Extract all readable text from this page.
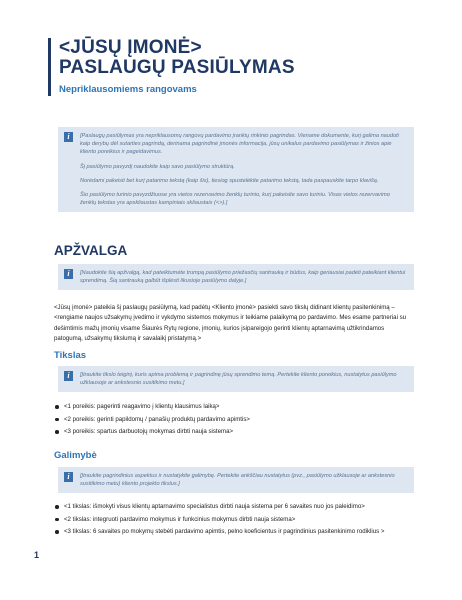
<JŪSŲ ĮMONĖ>
PASLAUGŲ PASIŪLYMAS
Nepriklausomiems rangovams
i	[Paslaugų pasiūlymas yra nepriklausomų rangovų pardavimo įrankių rinkinio pagrindas. Viename dokumente, kurį galima naudoti kaip derybų dėl sutarties pagrindą, derinama pagrindinė įmonės informacija, jūsų unikalus pardavimo pasiūlymas ir žinios apie kliento poreikius ir pageidavimus.

Šį pasiūlymo pavyzdį naudokite kaip savo pasiūlymo struktūrą.

Norėdami pakeisti bet kurį patarimo tekstą (kaip šis), tiesiog spustelėkite patarimo tekstą, tada paspauskite tarpo klavišą.

Šio pasiūlymo turinio pavyzdžiuose yra vietos rezervavimo ženklų turinio, kurį pakeisite savo turiniu. Visas vietos rezervavimo ženklų tekstas yra apskliaustas kampiniais skliaustais (<>).]

APŽVALGA
i	[Naudokite šią apžvalgą, kad pateiktumėte trumpą pasiūlymo priežasčių santrauką ir būdus, kaip geriausiai padėti pateikiant klientui sprendimą. Šią santrauką galbūt išplėsti likusioje pasiūlymo dalyje.]

<Jūsų įmonė> pateikia šį paslaugų pasiūlymą, kad padėtų <Kliento įmonė> pasiekti savo tikslų didinant klientų pasitenkinimą – <rengiame naujos užsakymų įvedimo ir vykdymo sistemos mokymus ir teikiame palaikymą po pardavimo. Mes esame partneriai su dešimtimis mažų įmonių visame Šiaurės Rytų regione, įmonių, kurios įsipareigojo gerinti klientų aptarnavimą užtikrindamos patogumą, užsakymų tikslumą ir savalaikį pristatymą.>
Tikslas
i	[Įtraukite tikslo teiginį, kuris apima problemą ir pagrindinę jūsų sprendimo temą. Pertekite kliento poreikius, nustatytus pasiūlymo užklausoje ar ankstesnio susitikimo metu.]

<1 poreikis: pagerinti reagavimo į klientų klausimus laiką>
<2 poreikis: gerinti papildomų / panašių produktų pardavimo apimtis>
<3 poreikis: spartus darbuotojų mokymas dirbti nauja sistema>
Galimybė
i	[Įtraukite pagrindinius aspektus ir nustatykite galimybę. Pertekite ankščiau nustatytus (pvz., pasiūlymo užklausoje ar ankstesnio susitikimo metu) kliento projekto tikslus.]

<1 tikslas: išmokyti visus klientų aptarnavimo specialistus dirbti nauja sistema per 6 savaites nuo jos paleidimo>
<2 tikslas: integruoti pardavimo mokymus ir funkcinius mokymus dirbti nauja sistema>
<3 tikslas: 6 savaites po mokymų stebėti pardavimo apimtis, pelno koeficientus ir pagrindinius pasitenkinimo rodiklius >
1
